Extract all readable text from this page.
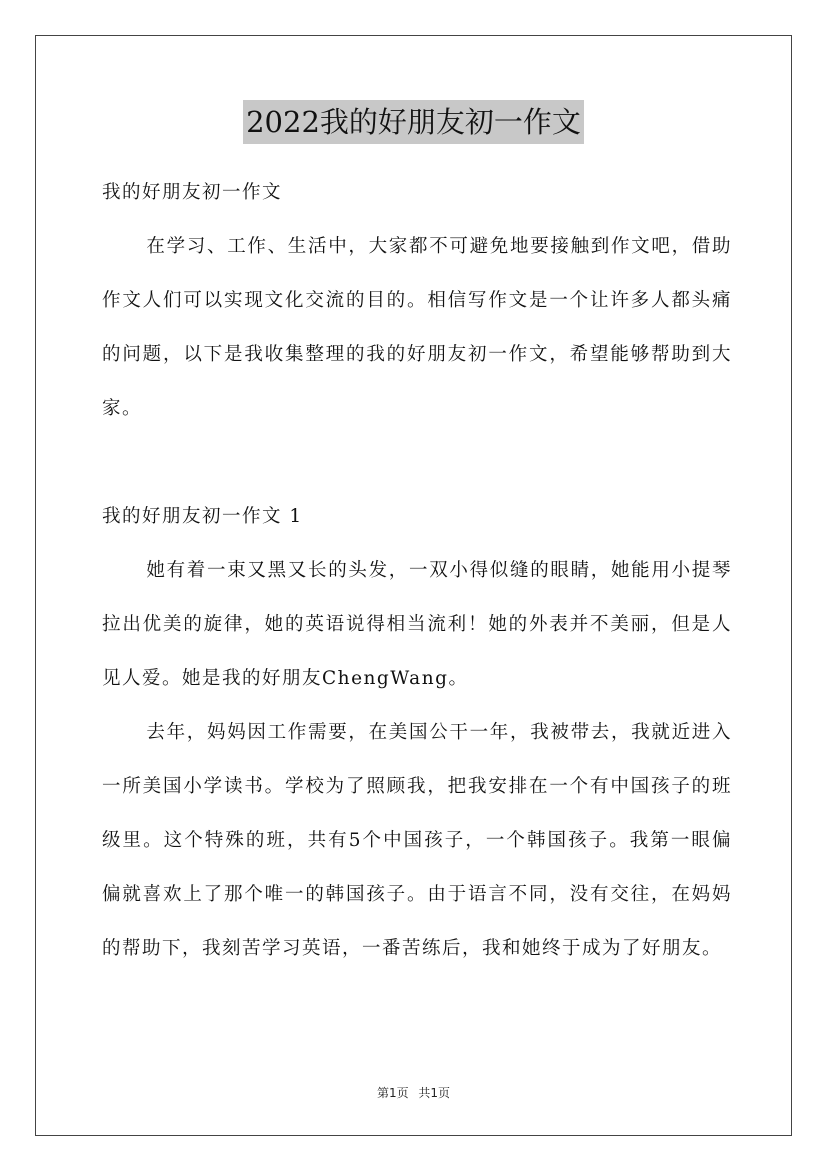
2022我的好朋友初一作文

我的好朋友初一作文

在学习、工作、生活中，大家都不可避免地要接触到作文吧，借助作文人们可以实现文化交流的目的。相信写作文是一个让许多人都头痛的问题，以下是我收集整理的我的好朋友初一作文，希望能够帮助到大家。

我的好朋友初一作文 1

她有着一束又黑又长的头发，一双小得似缝的眼睛，她能用小提琴拉出优美的旋律，她的英语说得相当流利！她的外表并不美丽，但是人见人爱。她是我的好朋友ChengWang。

去年，妈妈因工作需要，在美国公干一年，我被带去，我就近进入一所美国小学读书。学校为了照顾我，把我安排在一个有中国孩子的班级里。这个特殊的班，共有5个中国孩子，一个韩国孩子。我第一眼偏偏就喜欢上了那个唯一的韩国孩子。由于语言不同，没有交往，在妈妈的帮助下，我刻苦学习英语，一番苦练后，我和她终于成为了好朋友。

第1页 共1页
